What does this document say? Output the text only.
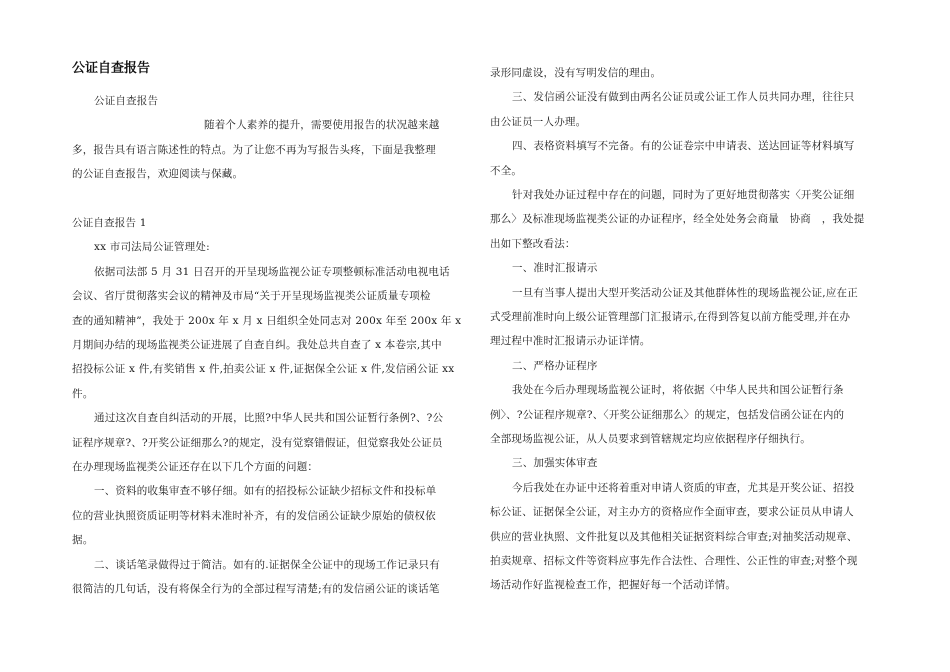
公证自查报告
公证自查报告
随着个人素养的提升，需要使用报告的状况越来越
多，报告具有语言陈述性的特点。为了让您不再为写报告头疼，下面是我整理
的公证自查报告，欢迎阅读与保藏。
公证自查报告 1
xx 市司法局公证管理处:
依据司法部 5 月 31 日召开的开呈现场监视公证专项整顿标准活动电视电话
会议、省厅贯彻落实会议的精神及市局“关于开呈现场监视类公证质量专项检
查的通知精神”，我处于 200x 年 x 月 x 日组织全处同志对 200x 年至 200x 年 x
月期间办结的现场监视类公证进展了自查自纠。我处总共自查了 x 本卷宗,其中
招投标公证 x 件,有奖销售 x 件,拍卖公证 x 件,证据保全公证 x 件,发信函公证 xx
件。
通过这次自查自纠活动的开展，比照?中华人民共和国公证暂行条例?、?公
证程序规章?、?开奖公证细那么?的规定，没有觉察错假证，但觉察我处公证员
在办理现场监视类公证还存在以下几个方面的问题：
一、资料的收集审查不够仔细。如有的招投标公证缺少招标文件和投标单
位的营业执照资质证明等材料未准时补齐，有的发信函公证缺少原始的债权依
据。
二、谈话笔录做得过于简洁。如有的.证据保全公证中的现场工作记录只有
很简洁的几句话，没有将保全行为的全部过程写清楚;有的发信函公证的谈话笔
录形同虚设，没有写明发信的理由。
三、发信函公证没有做到由两名公证员或公证工作人员共同办理，往往只
由公证员一人办理。
四、表格资料填写不完备。有的公证卷宗中申请表、送达回证等材料填写
不全。
针对我处办证过程中存在的问题，同时为了更好地贯彻落实〈开奖公证细
那么〉及标准现场监视类公证的办证程序，经全处处务会商量　协商　，我处提
出如下整改看法：
一、准时汇报请示
一旦有当事人提出大型开奖活动公证及其他群体性的现场监视公证,应在正
式受理前准时向上级公证管理部门汇报请示,在得到答复以前方能受理,并在办
理过程中准时汇报请示办证详情。
二、严格办证程序
我处在今后办理现场监视公证时，将依据〈中华人民共和国公证暂行条
例〉、?公证程序规章?、〈开奖公证细那么〉的规定，包括发信函公证在内的
全部现场监视公证，从人员要求到管辖规定均应依据程序仔细执行。
三、加强实体审查
今后我处在办证中还将着重对申请人资质的审查，尤其是开奖公证、招投
标公证、证据保全公证，对主办方的资格应作全面审查，要求公证员从申请人
供应的营业执照、文件批复以及其他相关证据资料综合审查;对抽奖活动规章、
拍卖规章、招标文件等资料应事先作合法性、合理性、公正性的审查;对整个现
场活动作好监视检查工作，把握好每一个活动详情。
